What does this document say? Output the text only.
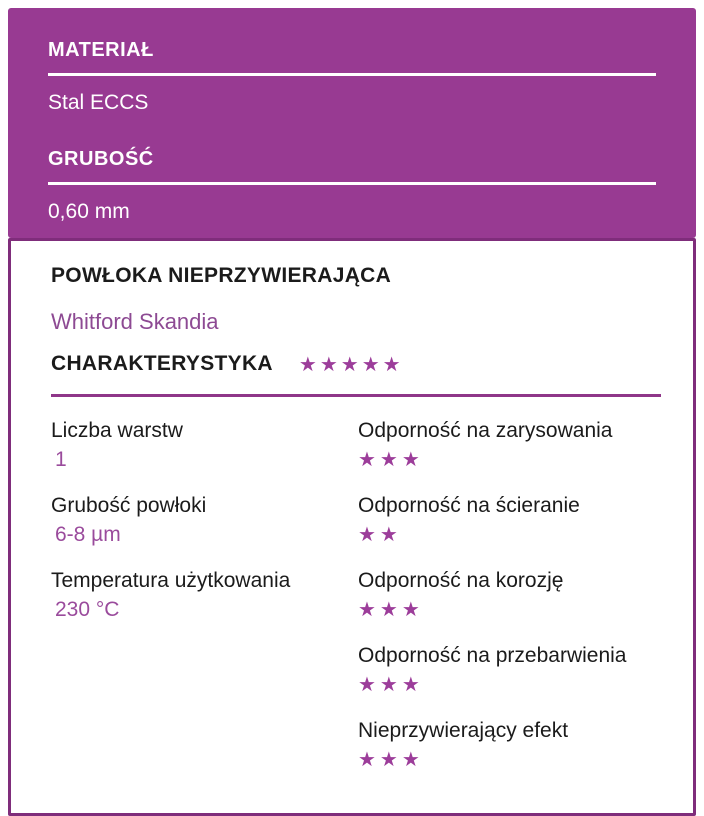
MATERIAŁ
Stal ECCS
GRUBOŚĆ
0,60 mm
POWŁOKA NIEPRZYWIERAJĄCA
Whitford Skandia
CHARAKTERYSTYKA ★★★★★
Liczba warstw
1
Grubość powłoki
6-8 µm
Temperatura użytkowania
230 °C
Odporność na zarysowania
★★★
Odporność na ścieranie
★★
Odporność na korozję
★★★
Odporność na przebarwienia
★★★
Nieprzywierający efekt
★★★
